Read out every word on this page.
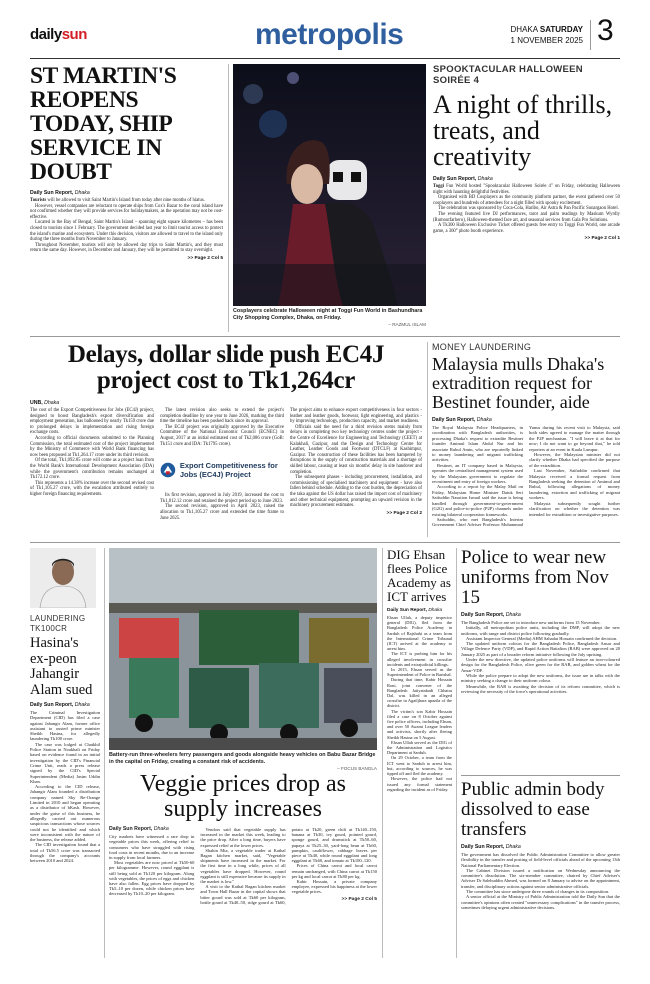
dailysun	metropolis	DHAKA SATURDAY
1 NOVEMBER 2025 3
ST MARTIN'S REOPENS TODAY, SHIP SERVICE IN DOUBT
Daily Sun Report, Dhaka

Tourists will be allowed to visit Saint Martin's Island from today after nine months of hiatus.

However, vessel companies are reluctant to operate ships from Cox's Bazar to the coral island have not confirmed whether they will provide services for holidaymakers, as the operation may not be cost-effective.

Located in the Bay of Bengal, Saint Martin's Island – spanning eight square kilometres – has been closed to tourists since 1 February. The government decided last year to limit tourist access to protect the island's marine and ecosystem. Under this decision, visitors are allowed to travel to the island only during the three months from November to January.

Throughout November, tourists will only be allowed day trips to Saint Martin's, and they must return the same day. However, in December and January, they will be permitted to stay overnight.

>> Page 2 Col 5
Cosplayers celebrate Halloween night at Toggi Fun World in Bashundhara City Shopping Complex, Dhaka, on Friday.
– RAZMUL ISLAM
SPOOKTACULAR HALLOWEEN SOIRÉE 4
A night of thrills, treats, and creativity
Daily Sun Report, Dhaka

Toggi Fun World hosted "Spooktacular Halloween Soirée 4" on Friday, celebrating Halloween night with haunting delightful festivities.

Organised with BD Cosplayers as the community platform partner, the event gathered over 50 cosplayers and hundreds of attendees for a night filled with spooky excitement.

The celebration was sponsored by Coca-Cola, Haribo, Air Astra & Pan Pacific Sonargaon Hotel.

The evening featured live DJ performances, tarot and palm readings by Maskum Wyrdly (Rumoutfarhero), Halloween-themed face art, and seasonal services from Gala Pro Solutions.

A Tk300 Halloween Exclusive Ticket offered guests free entry to Toggi Fun World, one arcade game, a 360° photo booth experience.

>> Page 2 Col 1
Delays, dollar slide push EC4J project cost to Tk1,264cr
UNB, Dhaka

The cost of the Export Competitiveness for Jobs (EC4J) project, designed to boost Bangladesh's export diversification and employment generation, has ballooned by nearly Tk159 crore due to prolonged delays in implementation and rising foreign exchange costs.

According to official documents submitted to the Planning Commission, the total estimated cost of the project implemented by the Ministry of Commerce with World Bank financing has now been proposed at Tk1,264.17 crore under its third revision.

Of the total, Tk1,092.05 crore will come as a project loan from the World Bank's International Development Association (IDA) while the government's contribution remains unchanged at Tk172.12 crore.

This represents a 14.38% increase over the second revised cost of Tk1,105.27 crore, with the escalation attributed entirely to higher foreign financing requirements.

The latest revision also seeks to extend the project's completion deadline by one year to June 2026, marking the third time the timeline has been pushed back since its approval.

The EC4J project was originally approved by the Executive Committee of the National Economic Council (ECNEC) in August, 2017 at an initial estimated cost of Tk2,086 crore (GoB: Tk151 crore and IDA: Tk1795 crore).

Export Competitiveness for Jobs (EC4J) Project

Its first revision, approved in July 2019, increased the cost to Tk1,012.12 crore and retained the project period up to June 2023.

The second revision, approved in April 2023, raised the allocation to Tk1,105.27 crore and extended the time frame to June 2025.

The project aims to enhance export competitiveness in four sectors - leather and leather goods, footwear, light engineering, and plastics - by improving technology, production capacity, and market readiness.

Officials said the need for a third revision stems mainly from delays in completing two key technology centres under the project - the Centre of Excellence for Engineering and Technology (CEET) at Kalakhali, Gazipur, and the Design and Technology Centre for Leather, Leather Goods and Footwear (DTCLF) at Kashimpur, Gazipur. The construction of these facilities has been hampered by disruptions in the supply of construction materials and a shortage of skilled labour, causing at least six months' delay in site handover and completion.

The subsequent phases - including procurement, installation, and commissioning of specialised machinery and equipment - have also fallen behind schedule. Adding to the cost burden, the depreciation of the taka against the US dollar has raised the import cost of machinery and other technical equipment, prompting an upward revision in the machinery procurement estimates.

>> Page 2 Col 2
MONEY LAUNDERING
Malaysia mulls Dhaka's extradition request for Bestinet founder, aide
Daily Sun Report, Dhaka

The Royal Malaysia Police Headquarters, in coordination with Bangladesh authorities, is processing Dhaka's request to extradite Bestinet founder Amimul Islam Abdul Nur and his associate Ruhul Amin, who are reportedly linked to money laundering and migrant trafficking activities.

Bestinet, an IT company based in Malaysia, operates the centralised management system used by the Malaysian government to regulate the recruitment and entry of foreign workers.

According to a report by the Malay Mail on Friday, Malaysian Home Minister Datuk Seri Saifuddin Nasution Ismail said the issue is being handled through government-to-government (G2G) and police-to-police (P2P) channels under existing bilateral cooperation frameworks.

Saifuddin, who met Bangladesh's Interim Government Chief Adviser Professor Muhammad Yunus during his recent visit to Malaysia, said both sides agreed to manage the matter through the P2P mechanism. "I will leave it at that for now; I do not want to go beyond that," he told reporters at an event in Kuala Lumpur.

However, the Malaysian minister did not clarify whether Dhaka had specified the purpose of the extradition.

Last November, Saifuddin confirmed that Malaysia received a formal request from Bangladesh seeking the detention of Amimul and Ruhul, following allegations of money laundering, extortion and trafficking of migrant workers.

Malaysia subsequently sought further clarification on whether the detention was intended for extradition or investigative purposes.

LAUNDERING TK100CR
Hasina's ex-peon Jahangir Alam sued
Daily Sun Report, Dhaka

The Criminal Investigation Department (CID) has filed a case against Jahangir Alam, former office assistant to ousted prime minister Sheikh Hasina, for allegedly laundering Tk100 crore.

The case was lodged at Chatkhil Police Station in Noakhali on Friday based on evidence found in an initial investigation by the CID's Financial Crime Unit, reads a press release signed by the CID's Special Superintendent (Media) Jasim Uddin Khan.

According to the CID release, Jahangir Alam founded a distribution company named Sky Re-Orange Limited in 2010 and began operating as a distributor of bKash. However, under the guise of this business, he allegedly carried out numerous suspicious transactions whose sources could not be identified and which were inconsistent with the nature of the business, the release added.

The CID investigation found that a total of Tk56.5 crore was transacted through the company's accounts between 2010 and 2024.

Battery-run three-wheelers ferry passengers and goods alongside heavy vehicles on Babu Bazar Bridge in the capital on Friday, creating a constant risk of accidents.
– FOCUS BANGLA
Veggie prices drop as supply increases
Daily Sun Report, Dhaka

City markets have witnessed a rare drop in vegetable prices this week, offering relief to consumers who have struggled with rising food costs in recent months, due to an increase in supply from local farmers.

Most vegetables are now priced at Tk50-60 per kilogramme. However, round eggplant is still being sold at Tk120 per kilogram. Along with vegetables, the prices of eggs and chicken have also fallen. Egg prices have dropped by Tk5–10 per dozen, while chicken prices have decreased by Tk10–20 per kilogram.

Vendors said that vegetable supply has increased in the market this week, leading to the price drop. After a long time, buyers have expressed relief at the lower prices.

Shahin Mia, a vegetable trader at Kathal Bagan kitchen market, said, "Vegetable shipments have increased in the market. For the first time in a long while, prices of all vegetables have dropped. However, round eggplant is still expensive because its supply in the market is low."

A visit to the Kathal Bagan kitchen market and Town Hall Bazar in the capital shows that bitter gourd was sold at Tk60 per kilogram, bottle gourd at Tk40–50, ridge gourd at Tk60, potato at Tk20, green chili at Tk140–150, banana at Tk30, ivy gourd, pointed gourd, sponge gourd, and drumstick at Tk50–60, papaya at Tk25–30, yard-long bean at Tk60, pumpkin, cauliflower, cabbage leaves per piece at Tk40, while round eggplant and long eggplant at Tk60, and tomato at Tk100–120.

Prices of China carrot and local carrot remain unchanged, with China carrot at Tk150 per kg and local carrot at Tk80 per kg.

Kabir Hossain, a private company employee, expressed his happiness at the lower vegetable prices.

>> Page 2 Col 5
DIG Ehsan flees Police Academy as ICT arrives
Daily Sun Report, Dhaka

Ehsan Ullah, a deputy inspector general (DIG), fled from the Bangladesh Police Academy in Sarduh of Rajshahi as a team from the International Crime Tribunal (ICT) arrived at the academy to arrest him.

The ICT is probing him for his alleged involvement in crossfire incidents and extrajudicial killings.

In 2015, Ehsan served as the Superintendent of Police in Barishal.

During that time, Kabir Hossain Roni, joint convener of the Bangladesh Jatiyatabadi Chhatra Dal, was killed in an alleged crossfire in Agailjhara upazila of the district.

The victim's son Kabir Hossain filed a case on 8 October against five police officers, including Ehsan, and over 50 Awami League leaders and activists, shortly after fleeing Sheikh Hasina on 5 August.

Ehsan Ullah served as the DIG of the Administration and Logistics Department at Sarduh.

On 29 October, a team from the ICT went to Sarduh to arrest him, but, according to sources, he was tipped off and fled the academy.

However, the police had not issued any formal statement regarding the incident as of Friday.

Police to wear new uniforms from Nov 15
Daily Sun Report, Dhaka

The Bangladesh Police are set to introduce new uniforms from 15 November.

Initially, all metropolitan police units, including the DMP, will adopt the new uniforms, with range and district police following gradually.

Assistant Inspector General (Media) AHM Sahadat Hossain confirmed the decision.

The updated uniform colours for the Bangladesh Police, Bangladesh Ansar and Village Defence Party (VDP), and Rapid Action Battalion (RAB) were approved on 20 January 2025 as part of a broader reform initiative following the July uprising.

Under the new directive, the updated police uniforms will feature an iron-coloured design for the Bangladesh Police, olive green for the RAB, and golden wheat for the Ansar-VDP.

While the police prepare to adopt the new uniforms, the issue are in talks with the ministry seeking a change to their uniform colour.

Meanwhile, the RAB is awaiting the decision of its reform committee, which is reviewing the necessity of the force's operational activities.

Public admin body dissolved to ease transfers
Daily Sun Report, Dhaka

The government has dissolved the Public Administration Committee to allow greater flexibility in the transfer and posting of field-level officials ahead of the upcoming 13th National Parliamentary Election.

The Cabinet Division issued a notification on Wednesday announcing the committee's dissolution. The six-member committee, chaired by Chief Adviser's Adviser Dr Salehuddin Ahmed, was formed on 8 January to advise on the appointment, transfer, and disciplinary actions against senior administrative officials.

The committee has since undergone three rounds of changes in its composition.

A senior official at the Ministry of Public Administration told the Daily Sun that the committee's opinions often created "unnecessary complications" in the transfer process, sometimes delaying urgent administrative decisions.
